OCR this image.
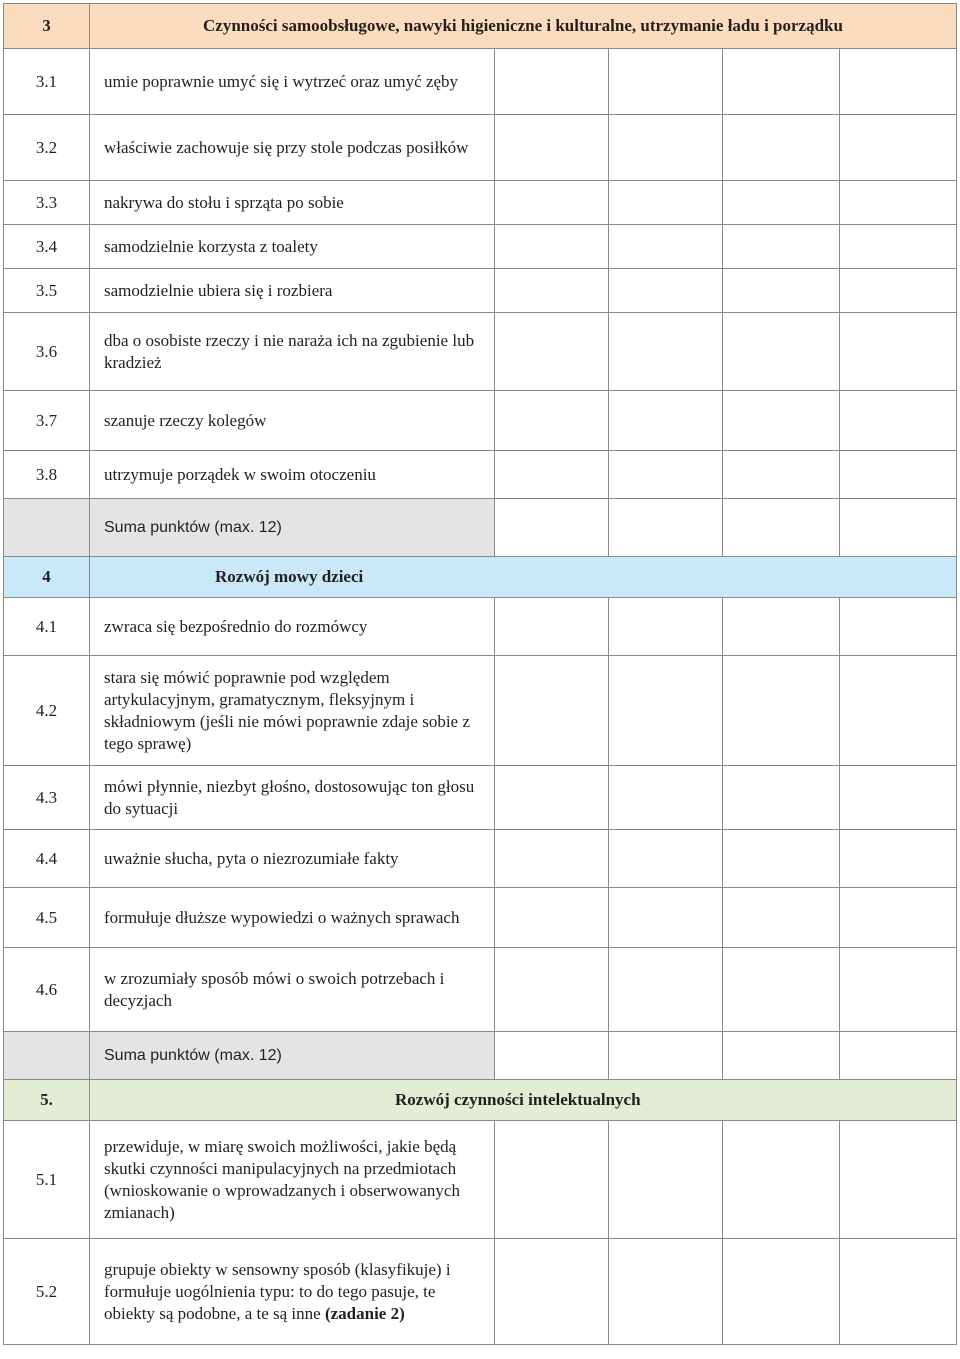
3	Czynności samoobsługowe, nawyki higieniczne i kulturalne, utrzymanie ładu i porządku				
3.1	umie poprawnie umyć się i wytrzeć oraz umyć zęby				
3.2	właściwie zachowuje się przy stole podczas posiłków				
3.3	nakrywa do stołu i sprząta po sobie				
3.4	samodzielnie korzysta z toalety				
3.5	samodzielnie ubiera się i rozbiera				
3.6	dba o osobiste rzeczy i nie naraża ich na zgubienie lub kradzież				
3.7	szanuje rzeczy kolegów				
3.8	utrzymuje porządek w swoim otoczeniu				
	Suma punktów (max. 12)				
4	Rozwój mowy dzieci				
4.1	zwraca się bezpośrednio do rozmówcy				
4.2	stara się mówić poprawnie pod względem artykulacyjnym, gramatycznym, fleksyjnym i składniowym (jeśli nie mówi poprawnie zdaje sobie z tego sprawę)				
4.3	mówi płynnie, niezbyt głośno, dostosowując ton głosu do sytuacji				
4.4	uważnie słucha, pyta o niezrozumiałe fakty				
4.5	formułuje dłuższe wypowiedzi o ważnych sprawach				
4.6	w zrozumiały sposób mówi o swoich potrzebach i decyzjach				
	Suma punktów (max. 12)				
5.	Rozwój czynności intelektualnych				
5.1	przewiduje, w miarę swoich możliwości, jakie będą skutki czynności manipulacyjnych na przedmiotach (wnioskowanie o wprowadzanych i obserwowanych zmianach)				
5.2	grupuje obiekty w sensowny sposób (klasyfikuje) i formułuje uogólnienia typu: to do tego pasuje, te obiekty są podobne, a te są inne (zadanie 2)				
